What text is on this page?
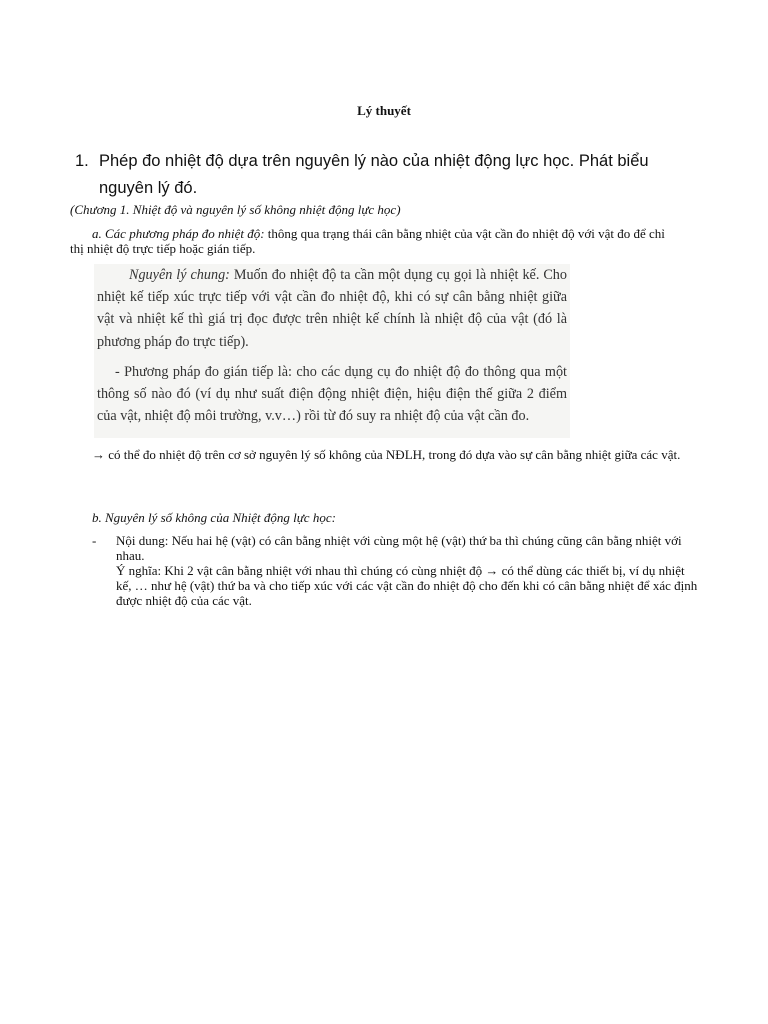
Lý thuyết
1. Phép đo nhiệt độ dựa trên nguyên lý nào của nhiệt động lực học. Phát biểu
nguyên lý đó.
(Chương 1. Nhiệt độ và nguyên lý số không nhiệt động lực học)
a. Các phương pháp đo nhiệt độ: thông qua trạng thái cân bằng nhiệt của vật cần đo nhiệt độ với vật đo để chỉ thị nhiệt độ trực tiếp hoặc gián tiếp.

Nguyên lý chung: Muốn đo nhiệt độ ta cần một dụng cụ gọi là nhiệt kế. Cho nhiệt kế tiếp xúc trực tiếp với vật cần đo nhiệt độ, khi có sự cân bằng nhiệt giữa vật và nhiệt kế thì giá trị đọc được trên nhiệt kế chính là nhiệt độ của vật (đó là phương pháp đo trực tiếp).

- Phương pháp đo gián tiếp là: cho các dụng cụ đo nhiệt độ đo thông qua một thông số nào đó (ví dụ như suất điện động nhiệt điện, hiệu điện thế giữa 2 điểm của vật, nhiệt độ môi trường, v.v…) rồi từ đó suy ra nhiệt độ của vật cần đo.

→ có thể đo nhiệt độ trên cơ sở nguyên lý số không của NĐLH, trong đó dựa vào sự cân bằng nhiệt giữa các vật.
b. Nguyên lý số không của Nhiệt động lực học:
-	Nội dung: Nếu hai hệ (vật) có cân bằng nhiệt với cùng một hệ (vật) thứ ba thì chúng cũng cân bằng nhiệt với nhau.

Ý nghĩa: Khi 2 vật cân bằng nhiệt với nhau thì chúng có cùng nhiệt độ → có thể dùng các thiết bị, ví dụ nhiệt kế, … như hệ (vật) thứ ba và cho tiếp xúc với các vật cần đo nhiệt độ cho đến khi có cân bằng nhiệt để xác định được nhiệt độ của các vật.
